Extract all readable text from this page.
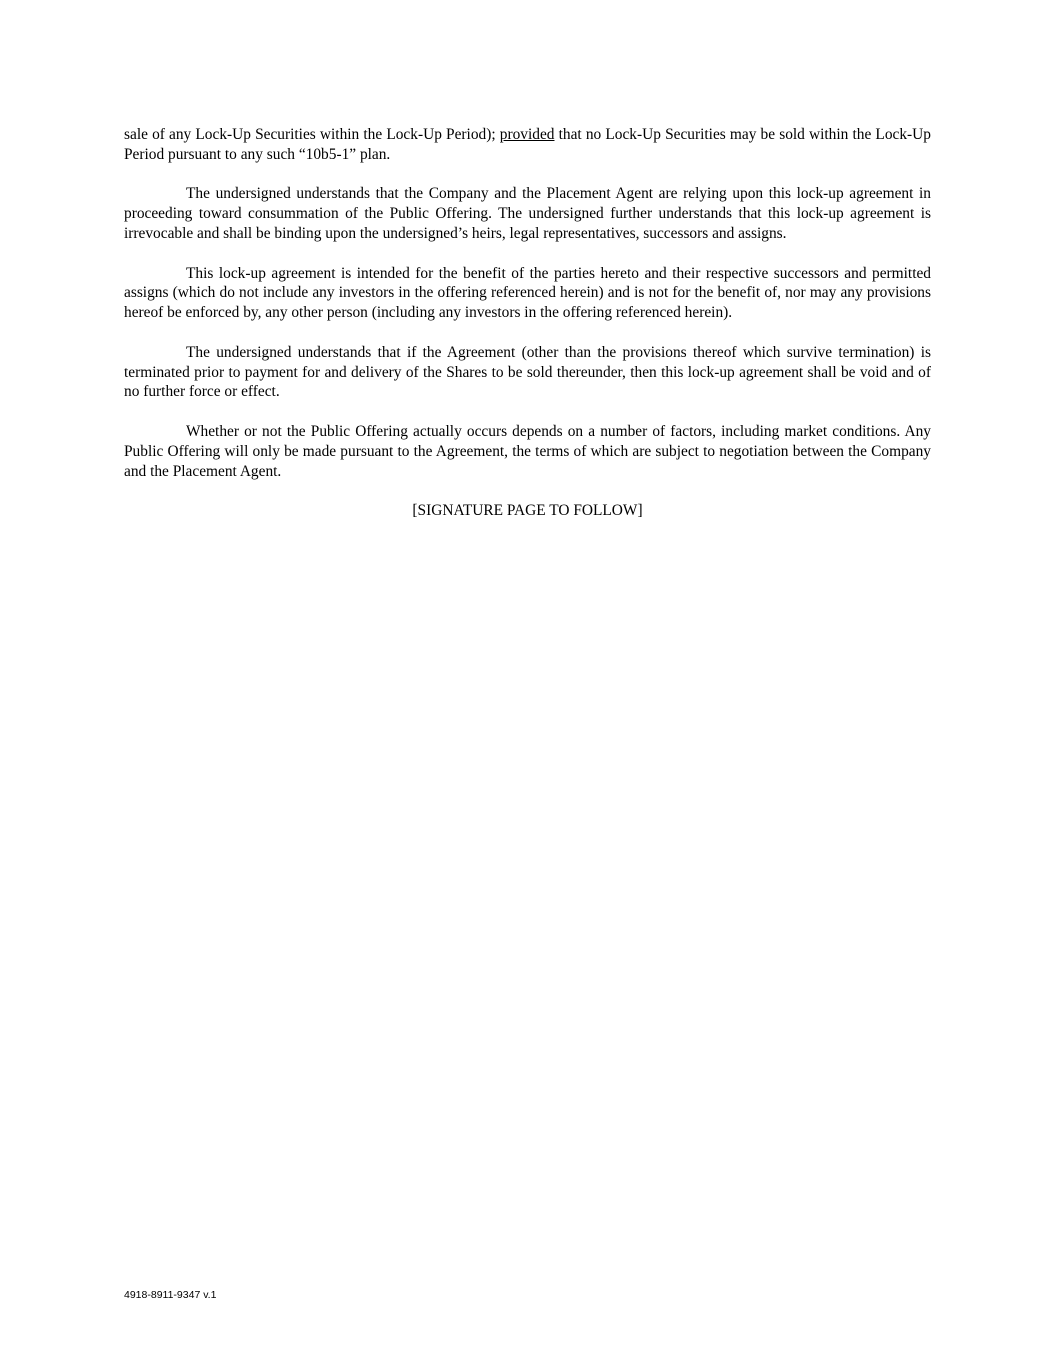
sale of any Lock-Up Securities within the Lock-Up Period); provided that no Lock-Up Securities may be sold within the Lock-Up Period pursuant to any such “10b5-1” plan.

The undersigned understands that the Company and the Placement Agent are relying upon this lock-up agreement in proceeding toward consummation of the Public Offering. The undersigned further understands that this lock-up agreement is irrevocable and shall be binding upon the undersigned’s heirs, legal representatives, successors and assigns.

This lock-up agreement is intended for the benefit of the parties hereto and their respective successors and permitted assigns (which do not include any investors in the offering referenced herein) and is not for the benefit of, nor may any provisions hereof be enforced by, any other person (including any investors in the offering referenced herein).

The undersigned understands that if the Agreement (other than the provisions thereof which survive termination) is terminated prior to payment for and delivery of the Shares to be sold thereunder, then this lock-up agreement shall be void and of no further force or effect.

Whether or not the Public Offering actually occurs depends on a number of factors, including market conditions. Any Public Offering will only be made pursuant to the Agreement, the terms of which are subject to negotiation between the Company and the Placement Agent.

[SIGNATURE PAGE TO FOLLOW]

4918-8911-9347 v.1
